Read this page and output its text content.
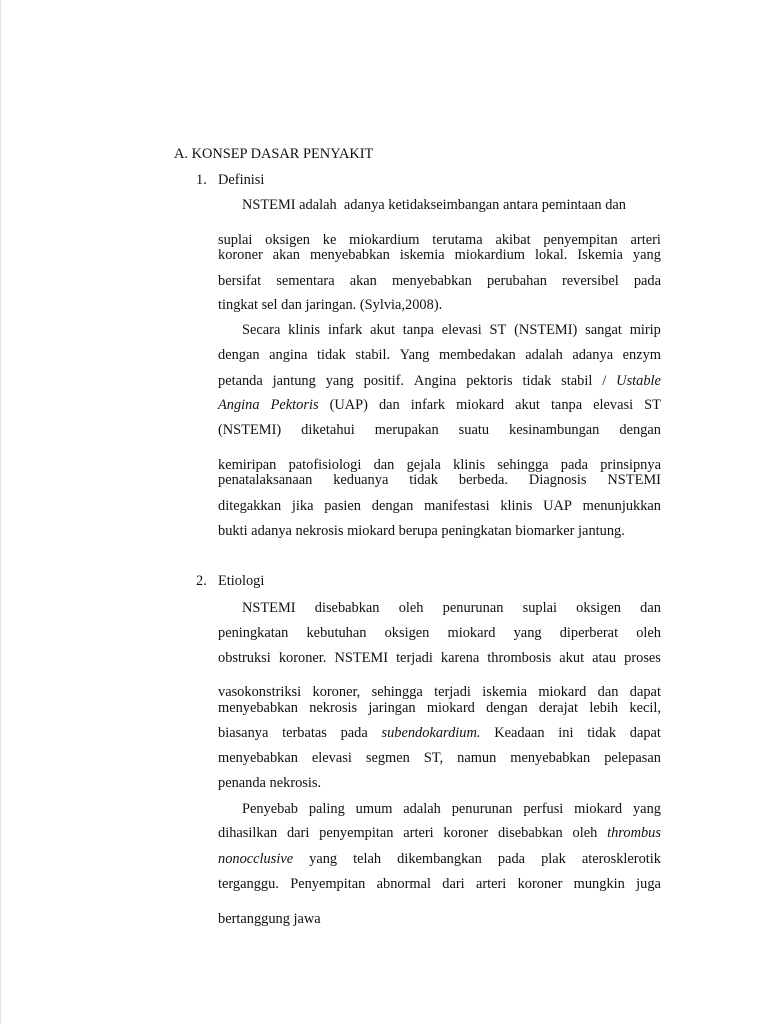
A. KONSEP DASAR PENYAKIT
1. Definisi
NSTEMI adalah  adanya ketidakseimbangan antara pemintaan dan
suplai oksigen ke miokardium terutama akibat penyempitan arteri
koroner akan menyebabkan iskemia miokardium lokal. Iskemia yang
bersifat sementara akan menyebabkan perubahan reversibel pada
tingkat sel dan jaringan. (Sylvia,2008).
Secara klinis infark akut tanpa elevasi ST (NSTEMI) sangat mirip
dengan angina tidak stabil. Yang membedakan adalah adanya enzym
petanda jantung yang positif. Angina pektoris tidak stabil / Ustable
Angina Pektoris (UAP) dan infark miokard akut tanpa elevasi ST
(NSTEMI) diketahui merupakan suatu kesinambungan dengan
kemiripan patofisiologi dan gejala klinis sehingga pada prinsipnya
penatalaksanaan keduanya tidak berbeda. Diagnosis NSTEMI
ditegakkan jika pasien dengan manifestasi klinis UAP menunjukkan
bukti adanya nekrosis miokard berupa peningkatan biomarker jantung.
2. Etiologi
NSTEMI disebabkan oleh penurunan suplai oksigen dan
peningkatan kebutuhan oksigen miokard yang diperberat oleh
obstruksi koroner. NSTEMI terjadi karena thrombosis akut atau proses
vasokonstriksi koroner, sehingga terjadi iskemia miokard dan dapat
menyebabkan nekrosis jaringan miokard dengan derajat lebih kecil,
biasanya terbatas pada subendokardium. Keadaan ini tidak dapat
menyebabkan elevasi segmen ST, namun menyebabkan pelepasan
penanda nekrosis.
Penyebab paling umum adalah penurunan perfusi miokard yang
dihasilkan dari penyempitan arteri koroner disebabkan oleh thrombus
nonocclusive yang telah dikembangkan pada plak aterosklerotik
terganggu. Penyempitan abnormal dari arteri koroner mungkin juga
bertanggung jawa
